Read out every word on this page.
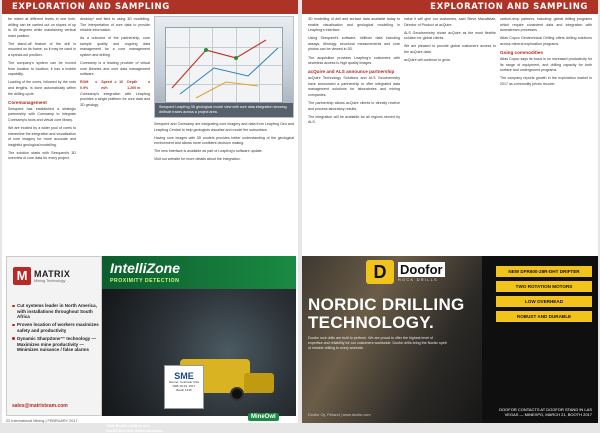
EXPLORATION AND SAMPLING

be mixed at different levels in one hole, drilling can be carried out on slopes of up to 45 degrees while maintaining vertical mast position.

The stand-off feature of the drill is mounted on its frame, so it may be used in a spread-out position.

The company's system can be moved from location to location; it has a mobile capability.

Loading of the cores, followed by the rods and lengths, is done automatically within the drilling cycle.

Coremanagement

Seequent has established a strategic partnership with Coresamp to integrate Coresamp's tools and virtual core library.

We are excited by a wider pool of cores to streamline the integration and visualisation of core imagery for more accurate and insightful geological modelling.

The solution starts with Seequent's 3D overview of core data for every project.

desktop* and field to using 3D modelling. The interpretation of core data to provide reliable information.

As a outcome of the partnership, core sample quality and ongoing data management for a core management system and drilling.

Coresamp is a leading provider of virtual core libraries and core data management software.

ROM ≤ 0.9%
Speed ≥ 10 m/h
Depth ≤ 1,200 m

Coresamp's integration with Leapfrog provides a single platform for core data and 3D geology.

Seequent Leapfrog 3D geological model view with core data integration showing drillhole traces across a project area.

Seequent and Coresamp are integrating core imagery and data from Leapfrog Geo and Leapfrog Central to help geologists visualise and model the subsurface.

Having core images with 3D models provides better understanding of the geological environment and allows more confident decision making.

The new interface is available as part of Leapfrog's software update.

Visit our website for more details about the integration.

M MATRIX
Mining Technology
Cut systems leader in North America, with installations throughout South Africa
Proven location of workers maximizes safety and productivity
Dynamic SharpZone™ technology — Maximizes mine productivity — Minimizes nuisance / false alarms
sales@matrixteam.com
IntelliZone
PROXIMITY DETECTION
SME
Denver, Colorado USA
FEB 19-22, 2017
Booth 1445
MineOwl
Visit Booth 1445 to see IntelliZone live demonstration
22 International Mining | FEBRUARY 2017
EXPLORATION AND SAMPLING

3D modelling of drill and surface data available today to enable visualisation and geological modelling in Leapfrog's interface.

Using Seequent's software, drillhole data including assays, lithology, structural measurements and core photos can be viewed in 3D.

The acquisition provides Leapfrog's customers with seamless access to high quality images.

acQuire and ALS announce partnership

acQuire Technology Solutions and ALS Geochemistry have announced a partnership to offer integrated data management solutions for laboratories and mining companies.

The partnership allows acQuire clients to directly receive and process laboratory results.

The integration will be available for all regions served by ALS.

value it will give our customers, said Steve Macalistair, Director of Product at acQuire.

ALS Geochemistry chose acQuire as the most flexible solution for global clients.

We are pleased to provide global customers access to the acQuire data.

acQuire will continue to grow.

carbon-drop partners, including: global drilling programs which require consistent data and integration with downstream processes.

Atlas Copco Geotechnical Drilling offers drilling solutions across mineral exploration programs.

Going commodities

Atlas Copco says its focus is on increased productivity for its range of equipment, and drilling capacity for both surface and underground programs.

The company reports growth in the exploration market in 2017 as commodity prices recover.

D	Doofor
ROCK DRILLS
NORDIC DRILLING
TECHNOLOGY.
Doofor rock drills are built to perform. We are proud to offer the highest level of expertise and reliability for our customers worldwide. Doofor drills bring the Nordic spirit of reliable drilling to every worksite.
Doofor Oy, Finland | www.doofor.com
NEW DFR600-28R-DHT DRIFTER
TWO ROTATION MOTORS
LOW OVERHEAD
ROBUST AND DURABLE
DOOFOR CONTACTS AT DOOFOR STAND IN LAS VEGAS — MINEXPO, MARCH 21, BOOTH 2017
